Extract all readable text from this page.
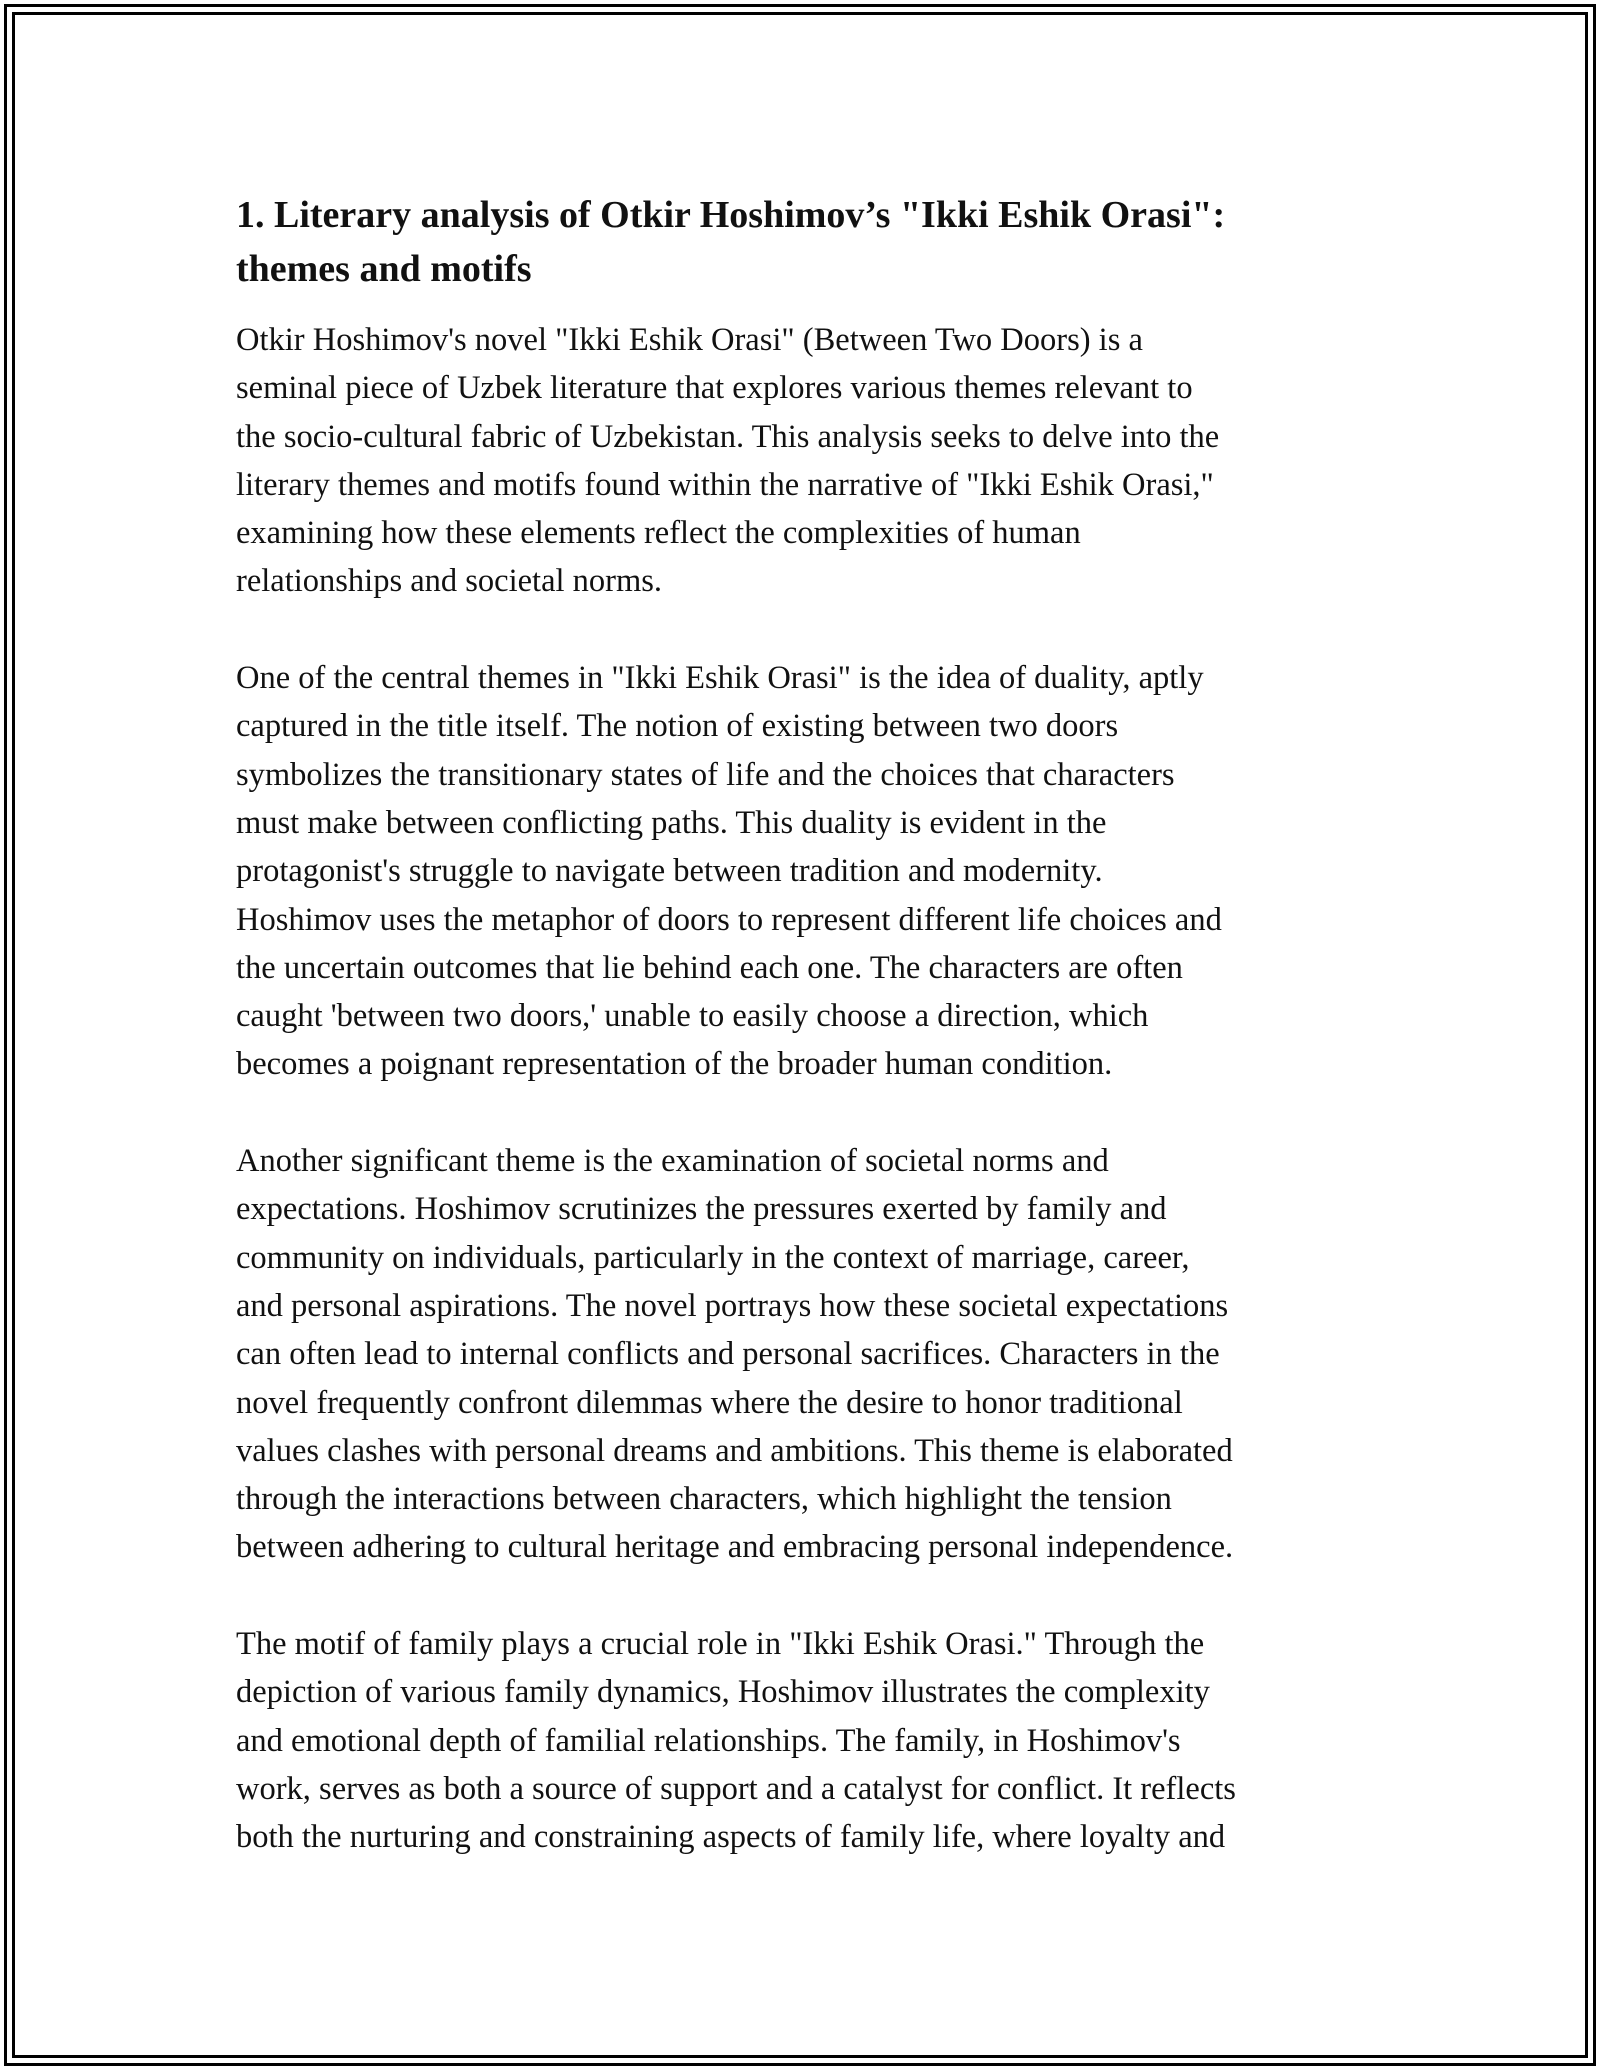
1. Literary analysis of Otkir Hoshimov’s "Ikki Eshik Orasi":
themes and motifs

Otkir Hoshimov's novel "Ikki Eshik Orasi" (Between Two Doors) is a
seminal piece of Uzbek literature that explores various themes relevant to
the socio-cultural fabric of Uzbekistan. This analysis seeks to delve into the
literary themes and motifs found within the narrative of "Ikki Eshik Orasi,"
examining how these elements reflect the complexities of human
relationships and societal norms.

One of the central themes in "Ikki Eshik Orasi" is the idea of duality, aptly
captured in the title itself. The notion of existing between two doors
symbolizes the transitionary states of life and the choices that characters
must make between conflicting paths. This duality is evident in the
protagonist's struggle to navigate between tradition and modernity.
Hoshimov uses the metaphor of doors to represent different life choices and
the uncertain outcomes that lie behind each one. The characters are often
caught 'between two doors,' unable to easily choose a direction, which
becomes a poignant representation of the broader human condition.

Another significant theme is the examination of societal norms and
expectations. Hoshimov scrutinizes the pressures exerted by family and
community on individuals, particularly in the context of marriage, career,
and personal aspirations. The novel portrays how these societal expectations
can often lead to internal conflicts and personal sacrifices. Characters in the
novel frequently confront dilemmas where the desire to honor traditional
values clashes with personal dreams and ambitions. This theme is elaborated
through the interactions between characters, which highlight the tension
between adhering to cultural heritage and embracing personal independence.

The motif of family plays a crucial role in "Ikki Eshik Orasi." Through the
depiction of various family dynamics, Hoshimov illustrates the complexity
and emotional depth of familial relationships. The family, in Hoshimov's
work, serves as both a source of support and a catalyst for conflict. It reflects
both the nurturing and constraining aspects of family life, where loyalty and
